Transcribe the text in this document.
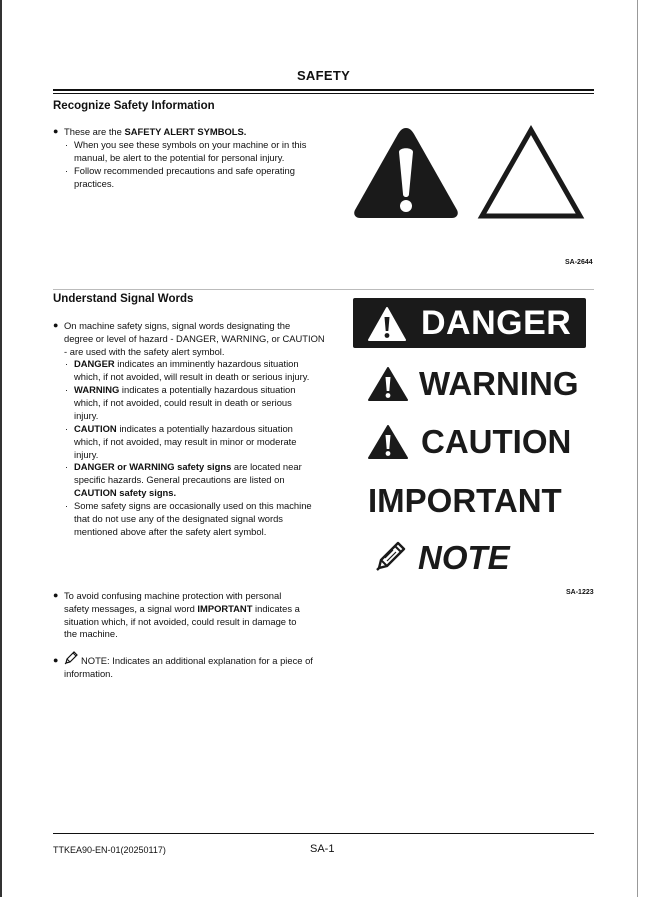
SAFETY
Recognize Safety Information
● These are the SAFETY ALERT SYMBOLS.
· When you see these symbols on your machine or in this
manual, be alert to the potential for personal injury.
· Follow recommended precautions and safe operating
practices.
SA-2644
Understand Signal Words
● On machine safety signs, signal words designating the
degree or level of hazard - DANGER, WARNING, or CAUTION
- are used with the safety alert symbol.
· DANGER indicates an imminently hazardous situation
which, if not avoided, will result in death or serious injury.
· WARNING indicates a potentially hazardous situation
which, if not avoided, could result in death or serious
injury.
· CAUTION indicates a potentially hazardous situation
which, if not avoided, may result in minor or moderate
injury.
· DANGER or WARNING safety signs are located near
specific hazards. General precautions are listed on
CAUTION safety signs.
· Some safety signs are occasionally used on this machine
that do not use any of the designated signal words
mentioned above after the safety alert symbol.
● To avoid confusing machine protection with personal
safety messages, a signal word IMPORTANT indicates a
situation which, if not avoided, could result in damage to
the machine.
● NOTE: Indicates an additional explanation for a piece of
information.
DANGER
WARNING
CAUTION
IMPORTANT
NOTE
SA-1223
TTKEA90-EN-01(20250117)	SA-1
